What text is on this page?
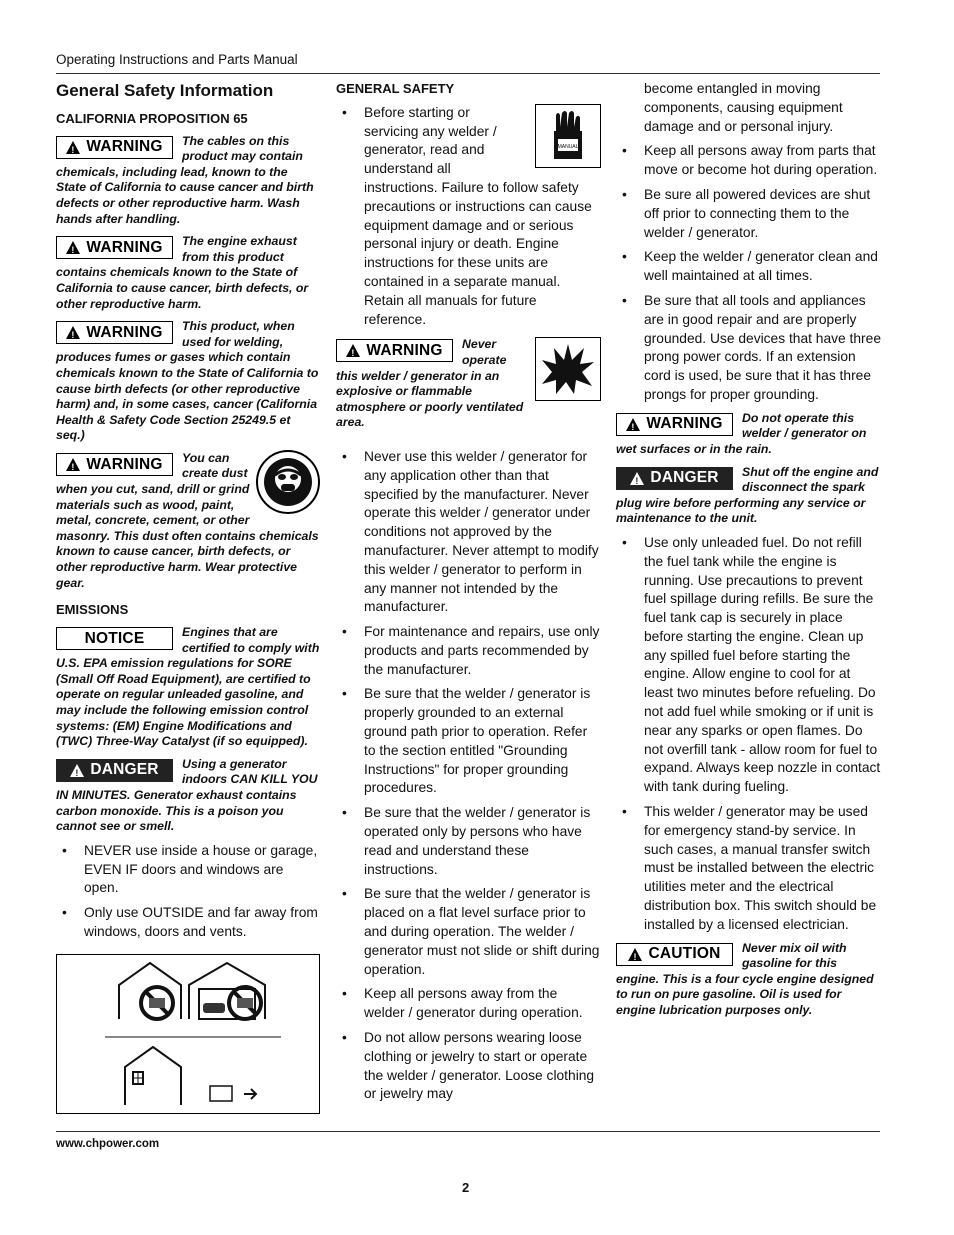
Operating Instructions and Parts Manual
General Safety Information
CALIFORNIA PROPOSITION 65
!
WARNING The cables on this product may contain chemicals, including lead, known to the State of California to cause cancer and birth defects or other reproductive harm. Wash hands after handling.
!
WARNING The engine exhaust from this product contains chemicals known to the State of California to cause cancer, birth defects, or other reproductive harm.
!
WARNING This product, when used for welding, produces fumes or gases which contain chemicals known to the State of California to cause birth defects (or other reproductive harm) and, in some cases, cancer (California Health & Safety Code Section 25249.5 et seq.)
!
WARNING You can create dust when you cut, sand, drill or grind materials such as wood, paint, metal, concrete, cement, or other masonry. This dust often contains chemicals known to cause cancer, birth defects, or other reproductive harm. Wear protective gear.
EMISSIONS
NOTICE	Engines that are certified to comply with U.S. EPA emission regulations for SORE (Small Off Road Equipment), are certified to operate on regular unleaded gasoline, and may include the following emission control systems: (EM) Engine Modifications and (TWC) Three-Way Catalyst (if so equipped).
!
DANGER Using a generator indoors CAN KILL YOU IN MINUTES. Generator exhaust contains carbon monoxide. This is a poison you cannot see or smell.
• NEVER use inside a house or garage, EVEN IF doors and windows are open.
• Only use OUTSIDE and far away from windows, doors and vents.
GENERAL SAFETY
• MANUAL
Before starting or servicing any welder / generator, read and understand all instructions. Failure to follow safety precautions or instructions can cause equipment damage and or serious personal injury or death. Engine instructions for these units are contained in a separate manual. Retain all manuals for future reference.
!
WARNING Never operate this welder / generator in an explosive or flammable atmosphere or poorly ventilated area.
• Never use this welder / generator for any application other than that specified by the manufacturer. Never operate this welder / generator under conditions not approved by the manufacturer. Never attempt to modify this welder / generator to perform in any manner not intended by the manufacturer.
• For maintenance and repairs, use only products and parts recommended by the manufacturer.
• Be sure that the welder / generator is properly grounded to an external ground path prior to operation. Refer to the section entitled "Grounding Instructions" for proper grounding procedures.
• Be sure that the welder / generator is operated only by persons who have read and understand these instructions.
• Be sure that the welder / generator is placed on a flat level surface prior to and during operation. The welder / generator must not slide or shift during operation.
• Keep all persons away from the welder / generator during operation.
• Do not allow persons wearing loose clothing or jewelry to start or operate the welder / generator. Loose clothing or jewelry may
become entangled in moving components, causing equipment damage and or personal injury.
• Keep all persons away from parts that move or become hot during operation.
• Be sure all powered devices are shut off prior to connecting them to the welder / generator.
• Keep the welder / generator clean and well maintained at all times.
• Be sure that all tools and appliances are in good repair and are properly grounded. Use devices that have three prong power cords. If an extension cord is used, be sure that it has three prongs for proper grounding.
!
WARNING Do not operate this welder / generator on wet surfaces or in the rain.
!
DANGER Shut off the engine and disconnect the spark plug wire before performing any service or maintenance to the unit.
• Use only unleaded fuel. Do not refill the fuel tank while the engine is running. Use precautions to prevent fuel spillage during refills. Be sure the fuel tank cap is securely in place before starting the engine. Clean up any spilled fuel before starting the engine. Allow engine to cool for at least two minutes before refueling. Do not add fuel while smoking or if unit is near any sparks or open flames. Do not overfill tank - allow room for fuel to expand. Always keep nozzle in contact with tank during fueling.
• This welder / generator may be used for emergency stand-by service. In such cases, a manual transfer switch must be installed between the electric utilities meter and the electrical distribution box. This switch should be installed by a licensed electrician.
!
CAUTION Never mix oil with gasoline for this engine. This is a four cycle engine designed to run on pure gasoline. Oil is used for engine lubrication purposes only.
www.chpower.com
2
